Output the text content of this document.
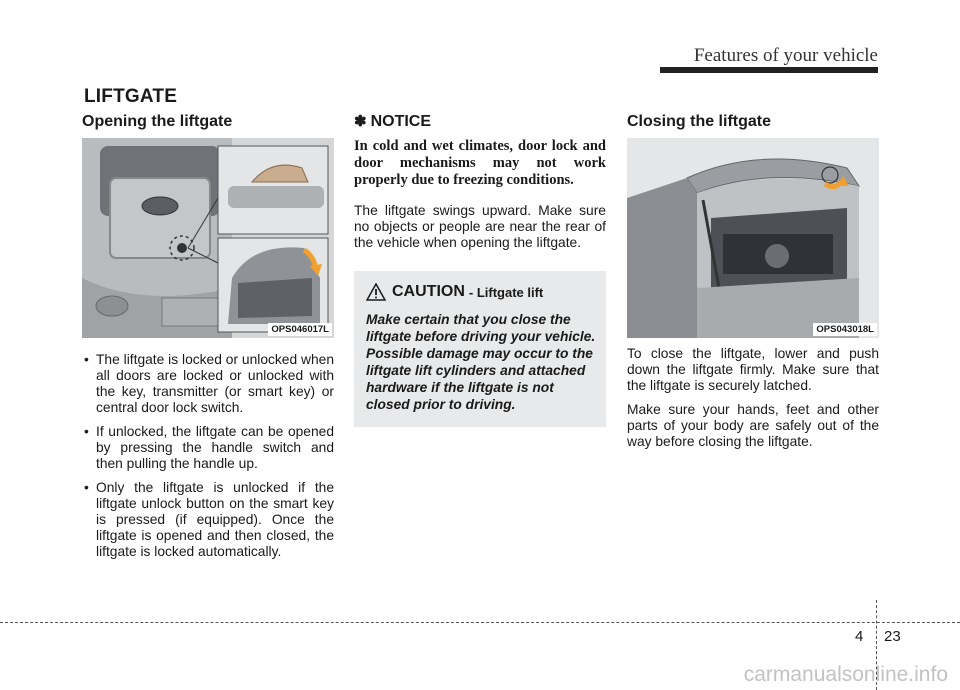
Features of your vehicle
LIFTGATE
Opening the liftgate
OPS046017L
• The liftgate is locked or unlocked when all doors are locked or unlocked with the key, transmitter (or smart key) or central door lock switch.
• If unlocked, the liftgate can be opened by pressing the handle switch and then pulling the handle up.
• Only the liftgate is unlocked if the liftgate unlock button on the smart key is pressed (if equipped). Once the liftgate is opened and then closed, the liftgate is locked automatically.

✽ NOTICE

In cold and wet climates, door lock and door mechanisms may not work properly due to freezing conditions.

The liftgate swings upward. Make sure no objects or people are near the rear of the vehicle when opening the liftgate.

CAUTION - Liftgate lift

Make certain that you close the liftgate before driving your vehicle. Possible damage may occur to the liftgate lift cylinders and attached hardware if the liftgate is not closed prior to driving.

Closing the liftgate
OPS043018L

To close the liftgate, lower and push down the liftgate firmly. Make sure that the liftgate is securely latched.

Make sure your hands, feet and other parts of your body are safely out of the way before closing the liftgate.

4 23
carmanualsonline.info
